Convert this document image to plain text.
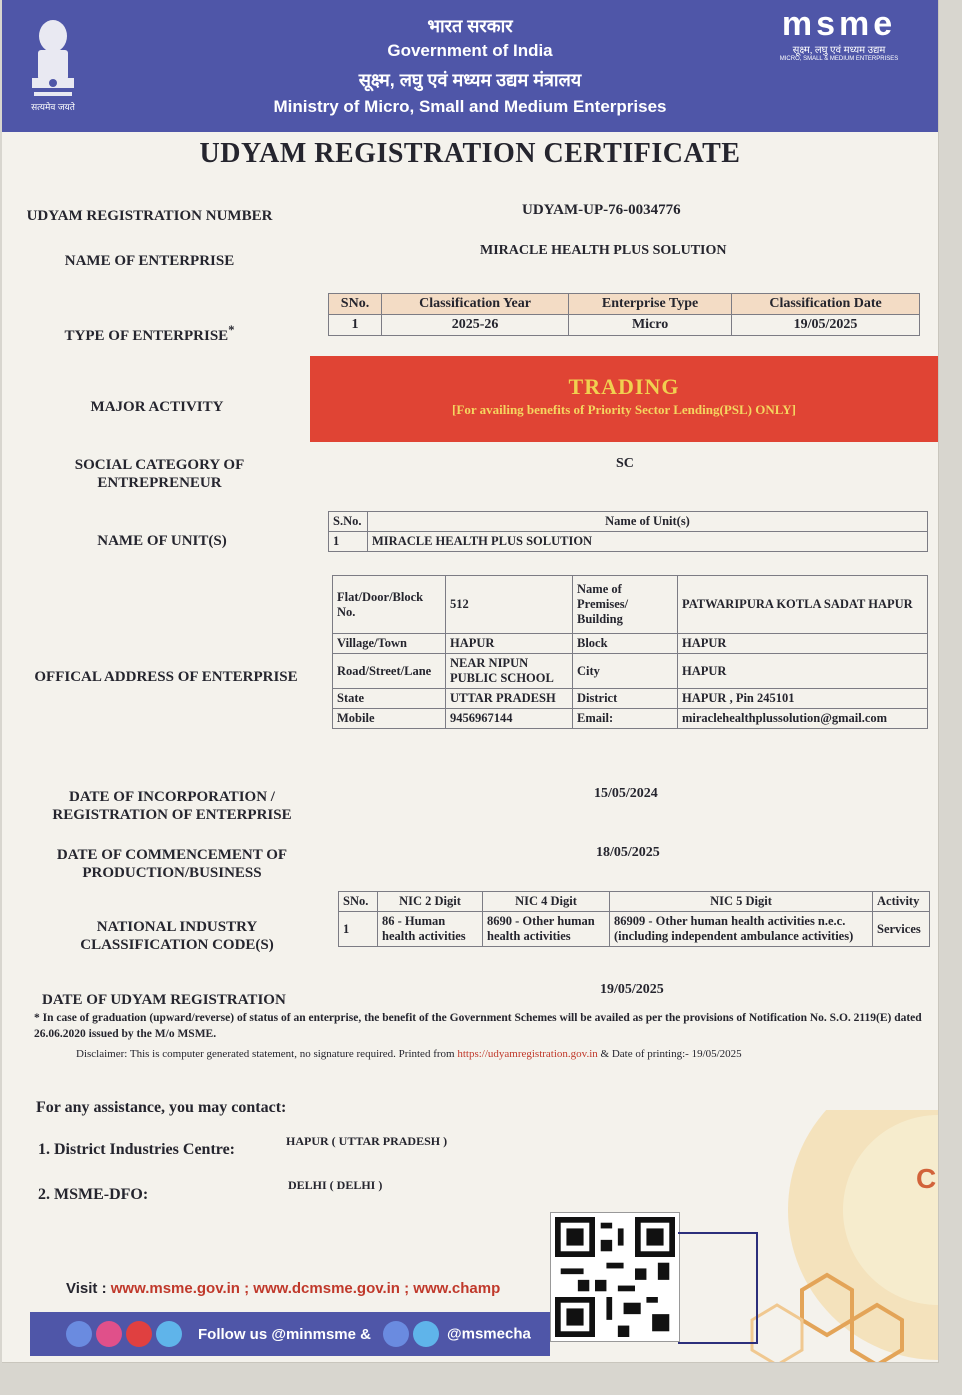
सत्यमेव जयते
भारत सरकार
Government of India
सूक्ष्म, लघु एवं मध्यम उद्यम मंत्रालय
Ministry of Micro, Small and Medium Enterprises
msme
सूक्ष्म, लघु एवं मध्यम उद्यम
MICRO, SMALL & MEDIUM ENTERPRISES
UDYAM REGISTRATION CERTIFICATE
UDYAM REGISTRATION NUMBER	UDYAM-UP-76-0034776
NAME OF ENTERPRISE
MIRACLE HEALTH PLUS SOLUTION
TYPE OF ENTERPRISE*
SNo.	Classification Year	Enterprise Type	Classification Date
1	2025-26	Micro	19/05/2025
MAJOR ACTIVITY
TRADING
[For availing benefits of Priority Sector Lending(PSL) ONLY]
SOCIAL CATEGORY OF
ENTREPRENEUR
SC
NAME OF UNIT(S)
S.No.	Name of Unit(s)
1	MIRACLE HEALTH PLUS SOLUTION
OFFICAL ADDRESS OF ENTERPRISE
Flat/Door/Block No.	512	Name of Premises/ Building	PATWARIPURA KOTLA SADAT HAPUR
Village/Town	HAPUR	Block	HAPUR
Road/Street/Lane	NEAR NIPUN PUBLIC SCHOOL	City	HAPUR
State	UTTAR PRADESH	District	HAPUR , Pin 245101
Mobile	9456967144	Email:	miraclehealthplussolution@gmail.com
DATE OF INCORPORATION /
REGISTRATION OF ENTERPRISE
15/05/2024
DATE OF COMMENCEMENT OF
PRODUCTION/BUSINESS
18/05/2025
NATIONAL INDUSTRY
CLASSIFICATION CODE(S)
SNo.	NIC 2 Digit	NIC 4 Digit	NIC 5 Digit	Activity
1	86 - Human health activities	8690 - Other human health activities	86909 - Other human health activities n.e.c. (including independent ambulance activities)	Services
DATE OF UDYAM REGISTRATION
19/05/2025
* In case of graduation (upward/reverse) of status of an enterprise, the benefit of the Government Schemes will be availed as per the provisions of Notification No. S.O. 2119(E) dated 26.06.2020 issued by the M/o MSME.
Disclaimer: This is computer generated statement, no signature required. Printed from https://udyamregistration.gov.in & Date of printing:- 19/05/2025
For any assistance, you may contact:
1. District Industries Centre:	HAPUR ( UTTAR PRADESH )
2. MSME-DFO:
DELHI ( DELHI )	C
Visit : www.msme.gov.in ; www.dcmsme.gov.in ; www.champ
Follow us @minmsme &	@msmecha
